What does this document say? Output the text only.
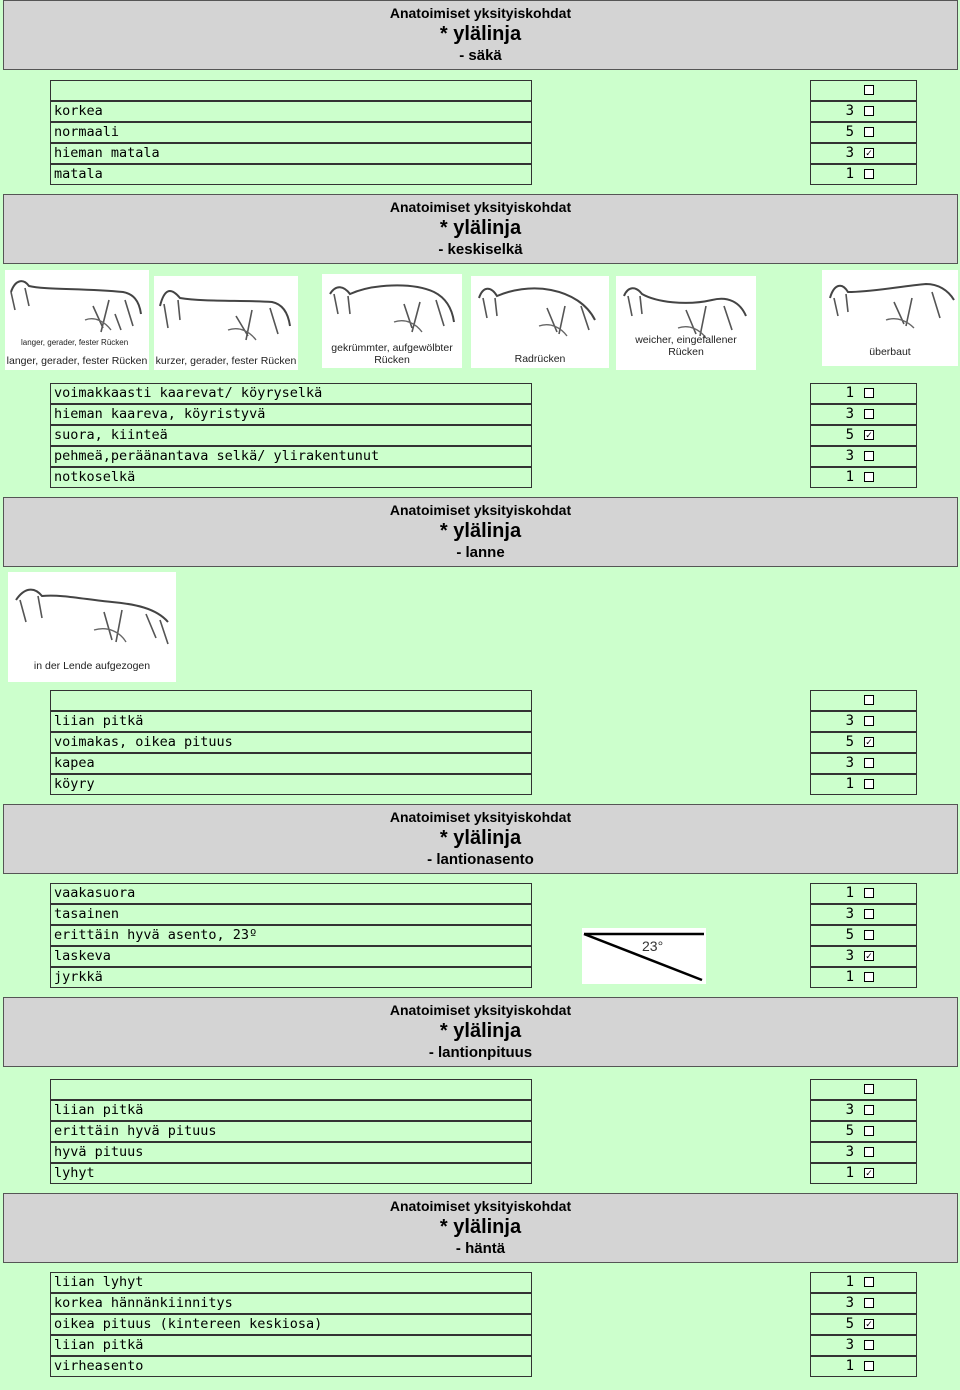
Anatoimiset yksityiskohdat
* ylälinja
- säkä
korkea	3
normaali	5
hieman matala	3 ✓
matala	1
Anatoimiset yksityiskohdat
* ylälinja
- keskiselkä
langer, gerader, fester Rücken
langer, gerader, fester Rücken kurzer, gerader, fester Rücken
gekrümmter, aufgewölbter Rücken	Radrücken
weicher, eingefallener Rücken	überbaut
voimakkaasti kaarevat/ köyryselkä	1
hieman kaareva, köyristyvä	3
suora, kiinteä	5 ✓
pehmeä,peräänantava selkä/ ylirakentunut	3
notkoselkä	1
Anatoimiset yksityiskohdat
* ylälinja
- lanne
in der Lende aufgezogen
liian pitkä	3
voimakas, oikea pituus	5 ✓
kapea	3
köyry	1
Anatoimiset yksityiskohdat
* ylälinja
- lantionasento
vaakasuora	1
tasainen	3
erittäin hyvä asento, 23º	5
laskeva	3 ✓
jyrkkä	1
23°
Anatoimiset yksityiskohdat
* ylälinja
- lantionpituus
liian pitkä	3
erittäin hyvä pituus	5
hyvä pituus	3
lyhyt	1 ✓
Anatoimiset yksityiskohdat
* ylälinja
- häntä
liian lyhyt	1
korkea hännänkiinnitys	3
oikea pituus (kintereen keskiosa)	5 ✓
liian pitkä	3
virheasento	1
